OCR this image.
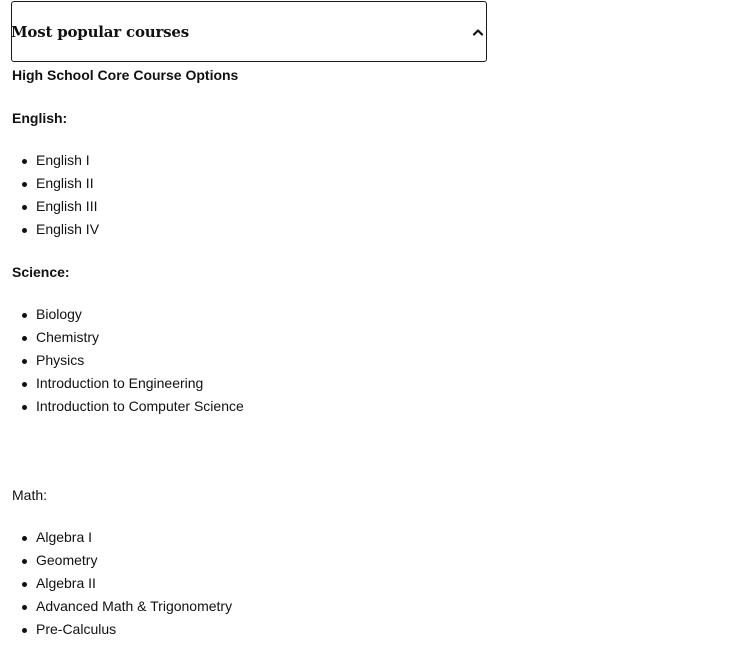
Most popular courses

High School Core Course Options

English:

English I
English II
English III
English IV

Science:

Biology
Chemistry
Physics
Introduction to Engineering
Introduction to Computer Science

Math:

Algebra I
Geometry
Algebra II
Advanced Math & Trigonometry
Pre-Calculus
